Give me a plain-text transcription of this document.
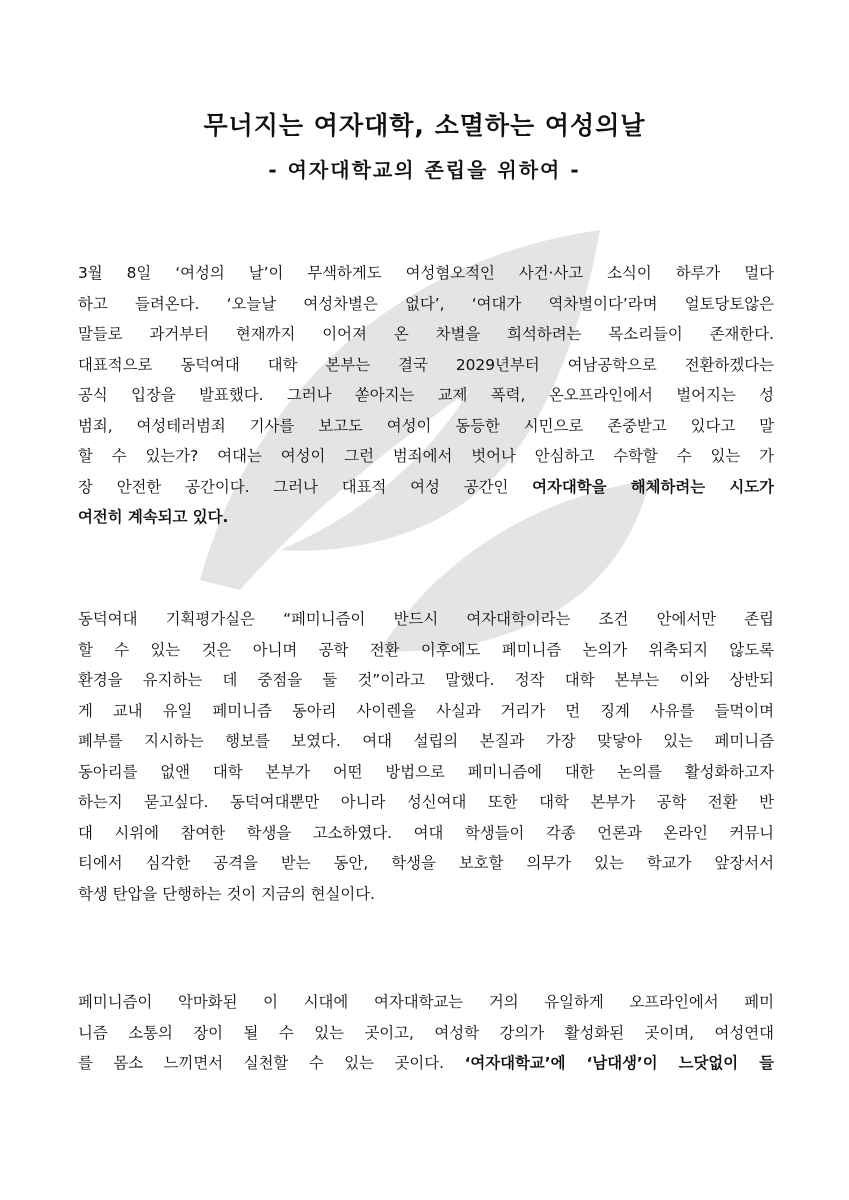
무너지는 여자대학, 소멸하는 여성의날
- 여자대학교의 존립을 위하여 -
3월 8일 ‘여성의 날’이 무색하게도 여성혐오적인 사건·사고 소식이 하루가 멀다
하고 들려온다. ‘오늘날 여성차별은 없다’, ‘여대가 역차별이다’라며 얼토당토않은
말들로 과거부터 현재까지 이어져 온 차별을 희석하려는 목소리들이 존재한다.
대표적으로 동덕여대 대학 본부는 결국 2029년부터 여남공학으로 전환하겠다는
공식 입장을 발표했다. 그러나 쏟아지는 교제 폭력, 온오프라인에서 벌어지는 성
범죄, 여성테러범죄 기사를 보고도 여성이 동등한 시민으로 존중받고 있다고 말
할 수 있는가? 여대는 여성이 그런 범죄에서 벗어나 안심하고 수학할 수 있는 가
장 안전한 공간이다. 그러나 대표적 여성 공간인 여자대학을 해체하려는 시도가
여전히 계속되고 있다.
동덕여대 기획평가실은 “페미니즘이 반드시 여자대학이라는 조건 안에서만 존립
할 수 있는 것은 아니며 공학 전환 이후에도 페미니즘 논의가 위축되지 않도록
환경을 유지하는 데 중점을 둘 것”이라고 말했다. 정작 대학 본부는 이와 상반되
게 교내 유일 페미니즘 동아리 사이렌을 사실과 거리가 먼 징계 사유를 들먹이며
폐부를 지시하는 행보를 보였다. 여대 설립의 본질과 가장 맞닿아 있는 페미니즘
동아리를 없앤 대학 본부가 어떤 방법으로 페미니즘에 대한 논의를 활성화하고자
하는지 묻고싶다. 동덕여대뿐만 아니라 성신여대 또한 대학 본부가 공학 전환 반
대 시위에 참여한 학생을 고소하였다. 여대 학생들이 각종 언론과 온라인 커뮤니
티에서 심각한 공격을 받는 동안, 학생을 보호할 의무가 있는 학교가 앞장서서
학생 탄압을 단행하는 것이 지금의 현실이다.
페미니즘이 악마화된 이 시대에 여자대학교는 거의 유일하게 오프라인에서 페미
니즘 소통의 장이 될 수 있는 곳이고, 여성학 강의가 활성화된 곳이며, 여성연대
를 몸소 느끼면서 실천할 수 있는 곳이다. ‘여자대학교’에 ‘남대생’이 느닷없이 들
